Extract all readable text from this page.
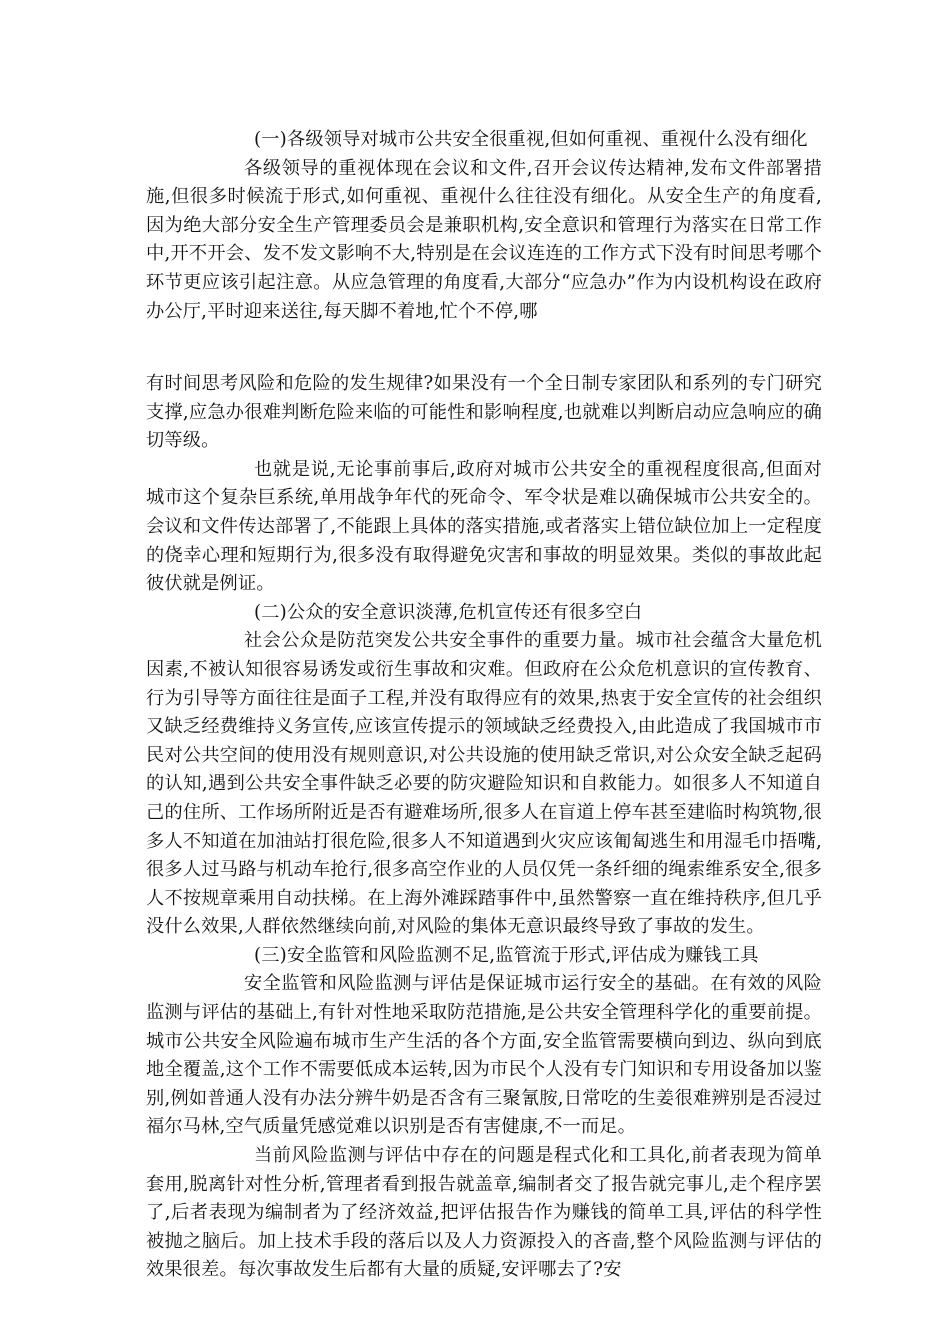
(一)各级领导对城市公共安全很重视,但如何重视、重视什么没有细化

各级领导的重视体现在会议和文件,召开会议传达精神,发布文件部署措施,但很多时候流于形式,如何重视、重视什么往往没有细化。从安全生产的角度看,因为绝大部分安全生产管理委员会是兼职机构,安全意识和管理行为落实在日常工作中,开不开会、发不发文影响不大,特别是在会议连连的工作方式下没有时间思考哪个环节更应该引起注意。从应急管理的角度看,大部分“应急办”作为内设机构设在政府办公厅,平时迎来送往,每天脚不着地,忙个不停,哪

有时间思考风险和危险的发生规律?如果没有一个全日制专家团队和系列的专门研究支撑,应急办很难判断危险来临的可能性和影响程度,也就难以判断启动应急响应的确切等级。

也就是说,无论事前事后,政府对城市公共安全的重视程度很高,但面对城市这个复杂巨系统,单用战争年代的死命令、军令状是难以确保城市公共安全的。会议和文件传达部署了,不能跟上具体的落实措施,或者落实上错位缺位加上一定程度的侥幸心理和短期行为,很多没有取得避免灾害和事故的明显效果。类似的事故此起彼伏就是例证。

(二)公众的安全意识淡薄,危机宣传还有很多空白

社会公众是防范突发公共安全事件的重要力量。城市社会蕴含大量危机因素,不被认知很容易诱发或衍生事故和灾难。但政府在公众危机意识的宣传教育、行为引导等方面往往是面子工程,并没有取得应有的效果,热衷于安全宣传的社会组织又缺乏经费维持义务宣传,应该宣传提示的领域缺乏经费投入,由此造成了我国城市市民对公共空间的使用没有规则意识,对公共设施的使用缺乏常识,对公众安全缺乏起码的认知,遇到公共安全事件缺乏必要的防灾避险知识和自救能力。如很多人不知道自己的住所、工作场所附近是否有避难场所,很多人在盲道上停车甚至建临时构筑物,很多人不知道在加油站打很危险,很多人不知道遇到火灾应该匍匐逃生和用湿毛巾捂嘴,很多人过马路与机动车抢行,很多高空作业的人员仅凭一条纤细的绳索维系安全,很多人不按规章乘用自动扶梯。在上海外滩踩踏事件中,虽然警察一直在维持秩序,但几乎没什么效果,人群依然继续向前,对风险的集体无意识最终导致了事故的发生。

(三)安全监管和风险监测不足,监管流于形式,评估成为赚钱工具

安全监管和风险监测与评估是保证城市运行安全的基础。在有效的风险监测与评估的基础上,有针对性地采取防范措施,是公共安全管理科学化的重要前提。城市公共安全风险遍布城市生产生活的各个方面,安全监管需要横向到边、纵向到底地全覆盖,这个工作不需要低成本运转,因为市民个人没有专门知识和专用设备加以鉴别,例如普通人没有办法分辨牛奶是否含有三聚氰胺,日常吃的生姜很难辨别是否浸过福尔马林,空气质量凭感觉难以识别是否有害健康,不一而足。

当前风险监测与评估中存在的问题是程式化和工具化,前者表现为简单套用,脱离针对性分析,管理者看到报告就盖章,编制者交了报告就完事儿,走个程序罢了,后者表现为编制者为了经济效益,把评估报告作为赚钱的简单工具,评估的科学性被抛之脑后。加上技术手段的落后以及人力资源投入的吝啬,整个风险监测与评估的效果很差。每次事故发生后都有大量的质疑,安评哪去了?安
